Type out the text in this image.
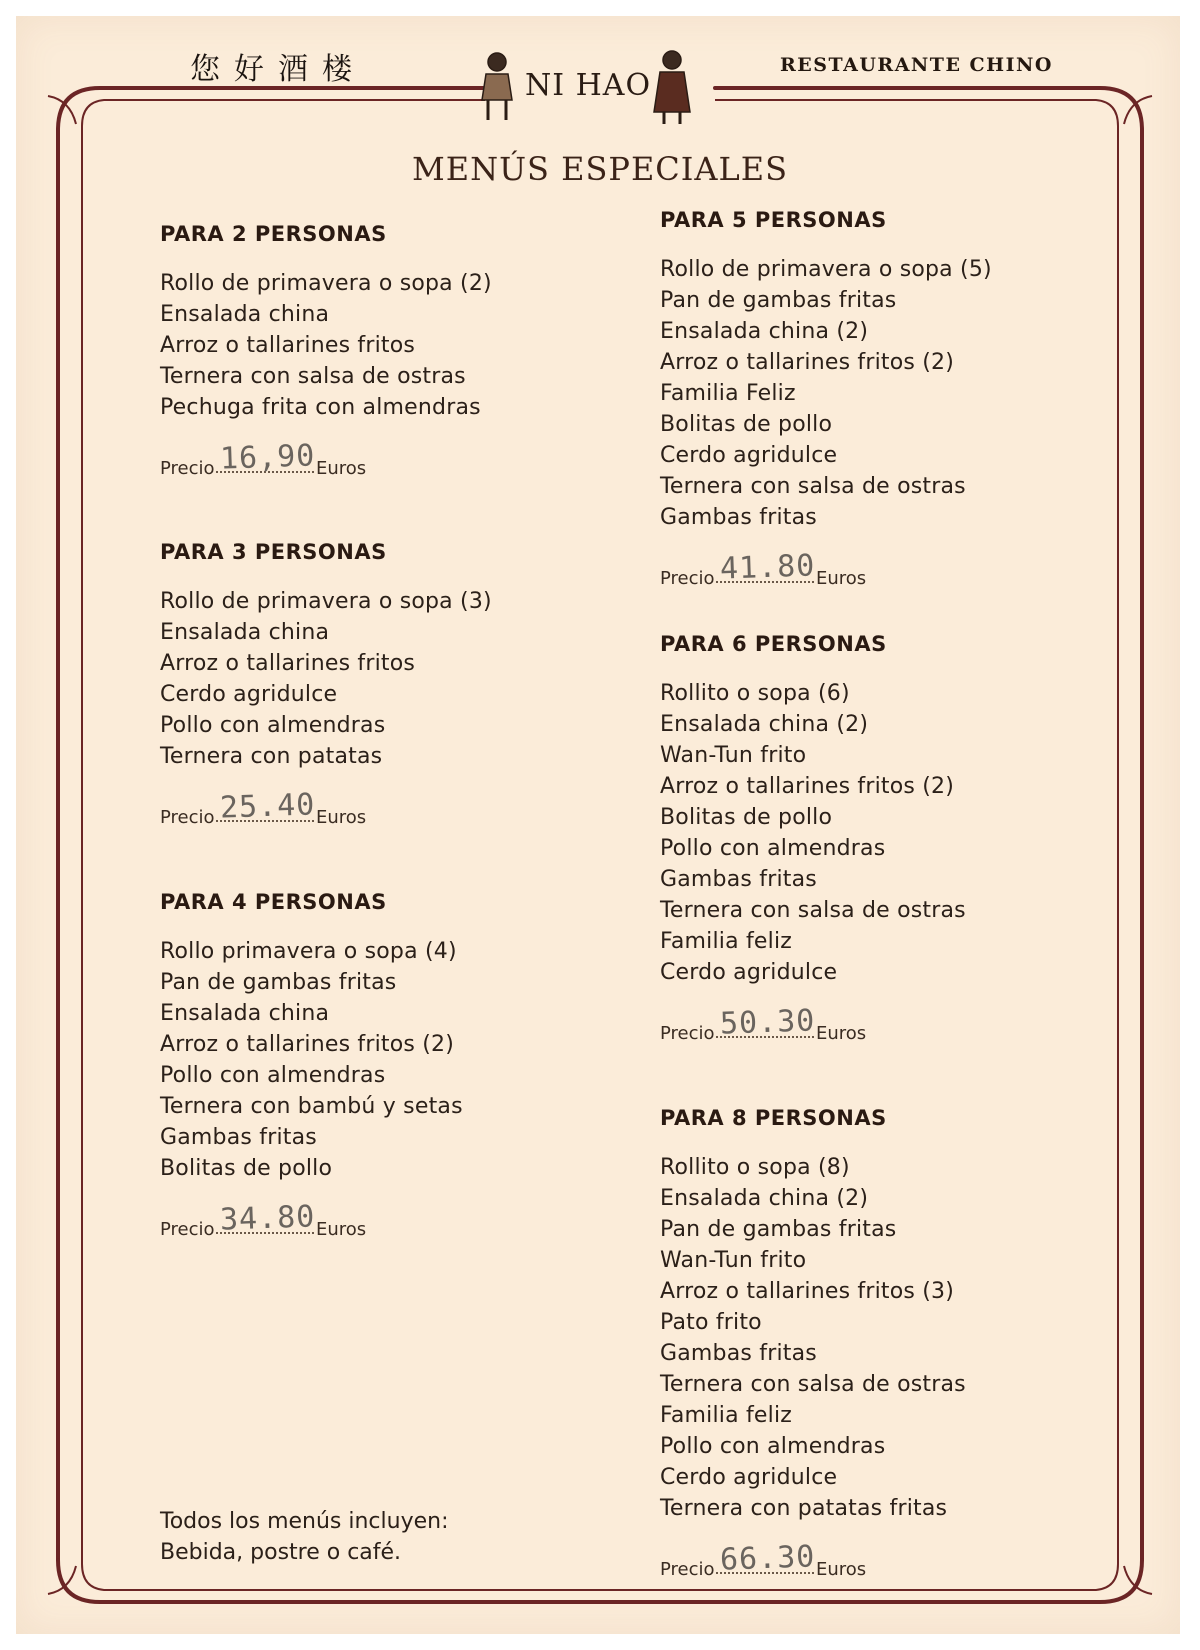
您好酒楼	NI HAO
RESTAURANTE CHINO
MENÚS ESPECIALES
PARA 2 PERSONAS
Rollo de primavera o sopa (2)
Ensalada china
Arroz o tallarines fritos
Ternera con salsa de ostras
Pechuga frita con almendras
Precio 16,90 Euros
PARA 3 PERSONAS
Rollo de primavera o sopa (3)
Ensalada china
Arroz o tallarines fritos
Cerdo agridulce
Pollo con almendras
Ternera con patatas
Precio 25.40 Euros
PARA 4 PERSONAS
Rollo primavera o sopa (4)
Pan de gambas fritas
Ensalada china
Arroz o tallarines fritos (2)
Pollo con almendras
Ternera con bambú y setas
Gambas fritas
Bolitas de pollo
Precio 34.80 Euros
PARA 5 PERSONAS
Rollo de primavera o sopa (5)
Pan de gambas fritas
Ensalada china (2)
Arroz o tallarines fritos (2)
Familia Feliz
Bolitas de pollo
Cerdo agridulce
Ternera con salsa de ostras
Gambas fritas
Precio 41.80 Euros
PARA 6 PERSONAS
Rollito o sopa (6)
Ensalada china (2)
Wan-Tun frito
Arroz o tallarines fritos (2)
Bolitas de pollo
Pollo con almendras
Gambas fritas
Ternera con salsa de ostras
Familia feliz
Cerdo agridulce
Precio 50.30 Euros
PARA 8 PERSONAS
Rollito o sopa (8)
Ensalada china (2)
Pan de gambas fritas
Wan-Tun frito
Arroz o tallarines fritos (3)
Pato frito
Gambas fritas
Ternera con salsa de ostras
Familia feliz
Pollo con almendras
Cerdo agridulce
Ternera con patatas fritas
Precio 66.30 Euros
Todos los menús incluyen:
Bebida, postre o café.
